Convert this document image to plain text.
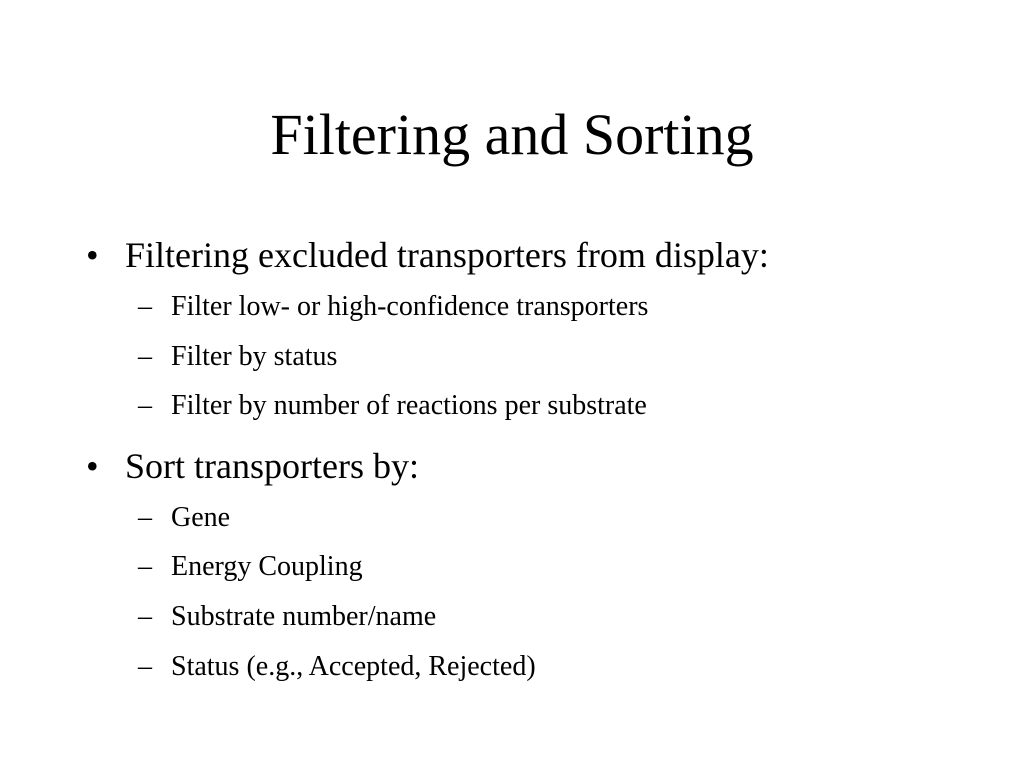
Filtering and Sorting
• Filtering excluded transporters from display:
– Filter low- or high-confidence transporters
– Filter by status
– Filter by number of reactions per substrate
• Sort transporters by:
– Gene
– Energy Coupling
– Substrate number/name
– Status (e.g., Accepted, Rejected)
